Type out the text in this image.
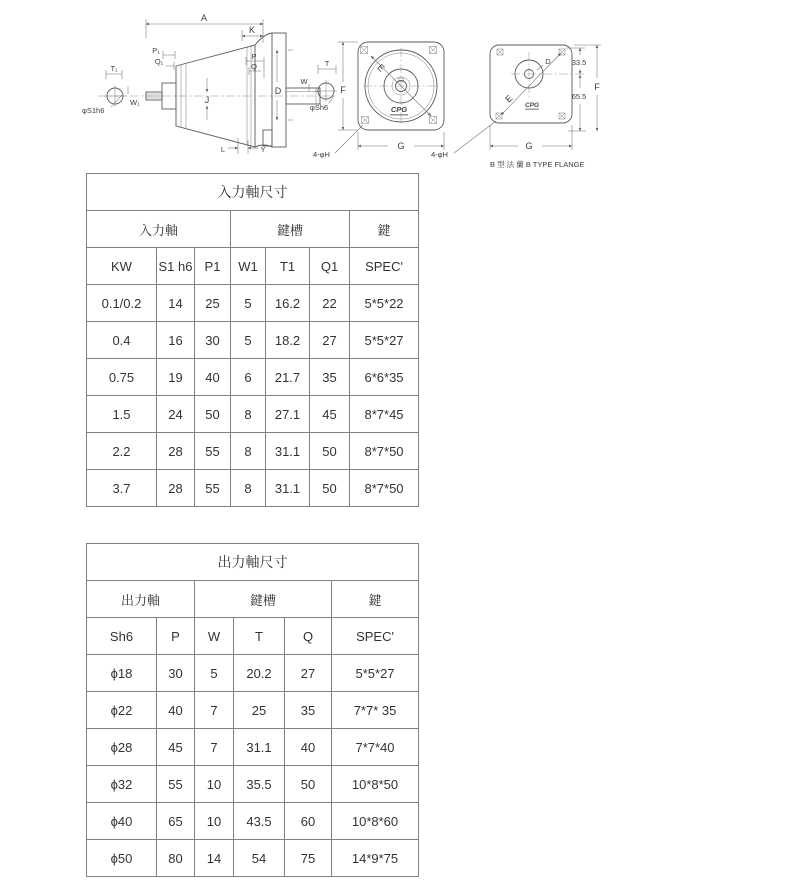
A
K
P₁
Q₁
P
Q
J
D
L	Y
T₁
W₁
φS1h6
T
W
φSh6
E
CPG
F
G
4-φH
D
E
CPG
33.5
65.5
F
G
4-φH
B 型 法 蘭 B TYPE FLANGE
入力軸尺寸						
入力軸			鍵槽			鍵
KW	S1 h6	P1	W1	T1	Q1	SPEC'
0.1/0.2	14	25	5	16.2	22	5*5*22
0.4	16	30	5	18.2	27	5*5*27
0.75	19	40	6	21.7	35	6*6*35
1.5	24	50	8	27.1	45	8*7*45
2.2	28	55	8	31.1	50	8*7*50
3.7	28	55	8	31.1	50	8*7*50
出力軸尺寸					
出力軸		鍵槽			鍵
Sh6	P	W	T	Q	SPEC'
ϕ18	30	5	20.2	27	5*5*27
ϕ22	40	7	25	35	7*7* 35
ϕ28	45	7	31.1	40	7*7*40
ϕ32	55	10	35.5	50	10*8*50
ϕ40	65	10	43.5	60	10*8*60
ϕ50	80	14	54	75	14*9*75
